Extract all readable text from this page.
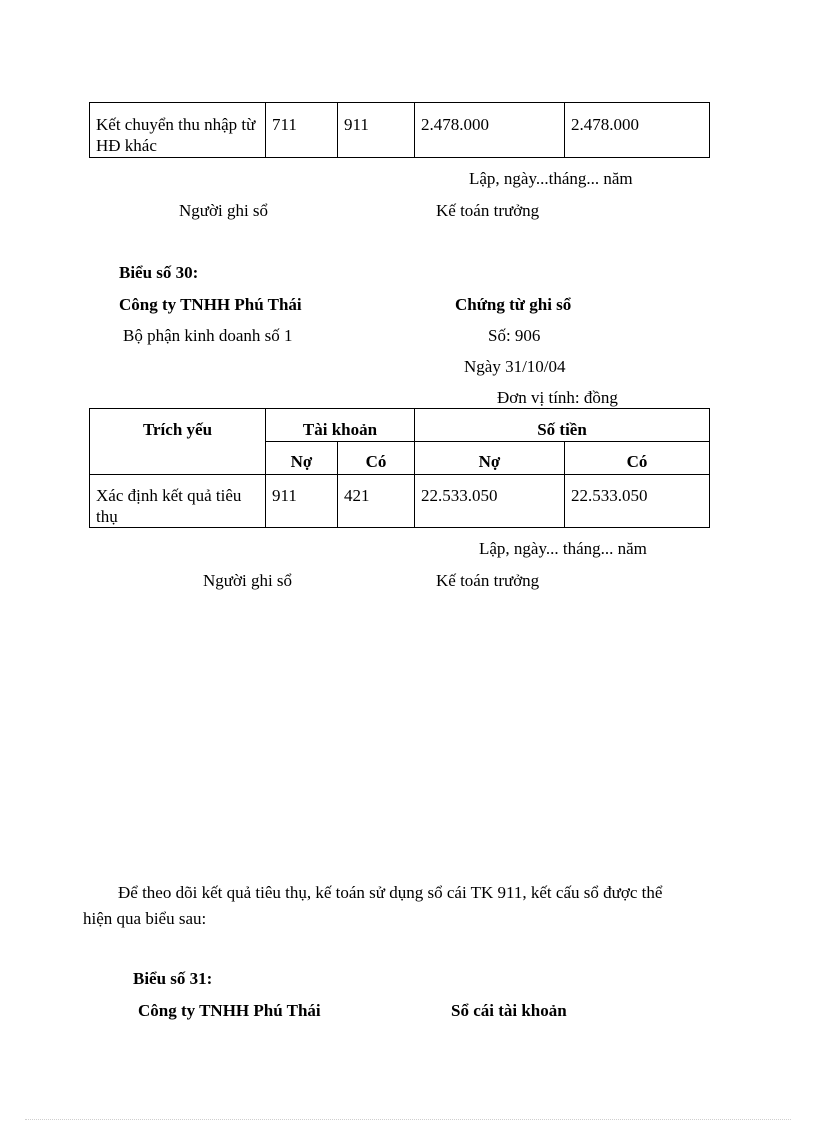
Kết chuyển thu nhập từ HĐ khác	711	911	2.478.000	2.478.000
Lập, ngày...tháng... năm
Người ghi sổ	Kế toán trưởng
Biểu số 30:
Công ty TNHH Phú Thái	Chứng từ ghi sổ
Bộ phận kinh doanh số 1	Số: 906
Ngày 31/10/04
Đơn vị tính: đồng
Trích yếu	Tài khoản		Số tiền	
	Nợ	Có	Nợ	Có
Xác định kết quả tiêu thụ	911	421	22.533.050	22.533.050
Lập, ngày... tháng... năm
Người ghi sổ	Kế toán trưởng
Để theo dõi kết quả tiêu thụ, kế toán sử dụng sổ cái TK 911, kết cấu sổ được thể
hiện qua biểu sau:
Biểu số 31:
Công ty TNHH Phú Thái	Sổ cái tài khoản
